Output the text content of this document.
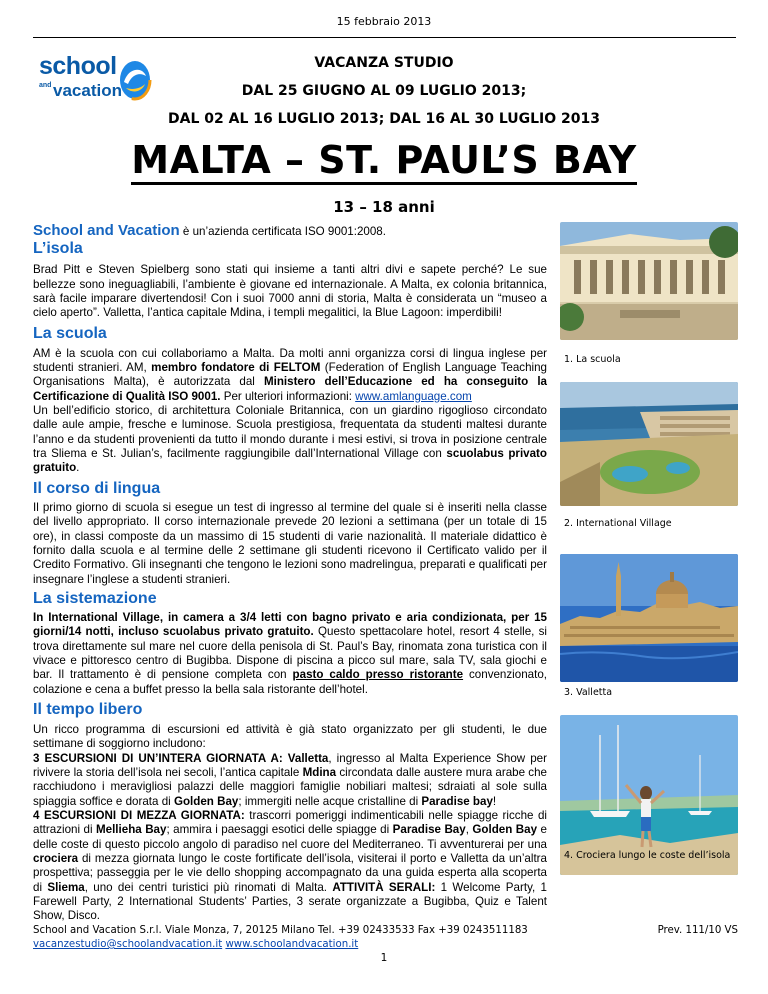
15 febbraio 2013
school
and vacation
VACANZA STUDIO
DAL 25 GIUGNO AL 09 LUGLIO 2013;
DAL 02 AL 16 LUGLIO 2013; DAL 16 AL 30 LUGLIO 2013
MALTA – ST. PAUL’S BAY
13 – 18 anni

School and Vacation è un’azienda certificata ISO 9001:2008.

L’isola

Brad Pitt e Steven Spielberg sono stati qui insieme a tanti altri divi e sapete perché? Le sue bellezze sono ineguagliabili, l’ambiente è giovane ed internazionale. A Malta, ex colonia britannica, sarà facile imparare divertendosi! Con i suoi 7000 anni di storia, Malta è considerata un “museo a cielo aperto”. Valletta, l’antica capitale Mdina, i templi megalitici, la Blue Lagoon: imperdibili!

La scuola

AM è la scuola con cui collaboriamo a Malta. Da molti anni organizza corsi di lingua inglese per studenti stranieri. AM, membro fondatore di FELTOM (Federation of English Language Teaching Organisations Malta), è autorizzata dal Ministero dell’Educazione ed ha conseguito la Certificazione di Qualità ISO 9001. Per ulteriori informazioni: www.amlanguage.com

Un bell’edificio storico, di architettura Coloniale Britannica, con un giardino rigoglioso circondato dalle aule ampie, fresche e luminose. Scuola prestigiosa, frequentata da studenti maltesi durante l’anno e da studenti provenienti da tutto il mondo durante i mesi estivi, si trova in posizione centrale tra Sliema e St. Julian’s, facilmente raggiungibile dall’International Village con scuolabus privato gratuito.

Il corso di lingua

Il primo giorno di scuola si esegue un test di ingresso al termine del quale si è inseriti nella classe del livello appropriato. Il corso internazionale prevede 20 lezioni a settimana (per un totale di 15 ore), in classi composte da un massimo di 15 studenti di varie nazionalità. Il materiale didattico è fornito dalla scuola e al termine delle 2 settimane gli studenti ricevono il Certificato valido per il Credito Formativo. Gli insegnanti che tengono le lezioni sono madrelingua, preparati e qualificati per insegnare l’inglese a studenti stranieri.

La sistemazione

In International Village, in camera a 3/4 letti con bagno privato e aria condizionata, per 15 giorni/14 notti, incluso scuolabus privato gratuito. Questo spettacolare hotel, resort 4 stelle, si trova direttamente sul mare nel cuore della penisola di St. Paul’s Bay, rinomata zona turistica con il vivace e pittoresco centro di Bugibba. Dispone di piscina a picco sul mare, sala TV, sala giochi e bar. Il trattamento è di pensione completa con pasto caldo presso ristorante convenzionato, colazione e cena a buffet presso la bella sala ristorante dell’hotel.

Il tempo libero

Un ricco programma di escursioni ed attività è già stato organizzato per gli studenti, le due settimane di soggiorno includono:

3 ESCURSIONI DI UN’INTERA GIORNATA A: Valletta, ingresso al Malta Experience Show per rivivere la storia dell’isola nei secoli, l’antica capitale Mdina circondata dalle austere mura arabe che racchiudono i meravigliosi palazzi delle maggiori famiglie nobiliari maltesi; sdraiati al sole sulla spiaggia soffice e dorata di Golden Bay; immergiti nelle acque cristalline di Paradise bay!

4 ESCURSIONI DI MEZZA GIORNATA: trascorri pomeriggi indimenticabili nelle spiagge ricche di attrazioni di Mellieha Bay; ammira i paesaggi esotici delle spiagge di Paradise Bay, Golden Bay e delle coste di questo piccolo angolo di paradiso nel cuore del Mediterraneo. Ti avventurerai per una crociera di mezza giornata lungo le coste fortificate dell’isola, visiterai il porto e Valletta da un’altra prospettiva; passeggia per le vie dello shopping accompagnato da una guida esperta alla scoperta di Sliema, uno dei centri turistici più rinomati di Malta. ATTIVITÀ SERALI: 1 Welcome Party, 1 Farewell Party, 2 International Students’ Parties, 3 serate organizzate a Bugibba, Quiz e Talent Show, Disco.

1. La scuola
2. International Village
3. Valletta
4. Crociera lungo le coste dell’isola
School and Vacation S.r.l. Viale Monza, 7, 20125 Milano Tel. +39 02433533 Fax +39 0243511183
vacanzestudio@schoolandvacation.it www.schoolandvacation.it
Prev. 111/10 VS
1
